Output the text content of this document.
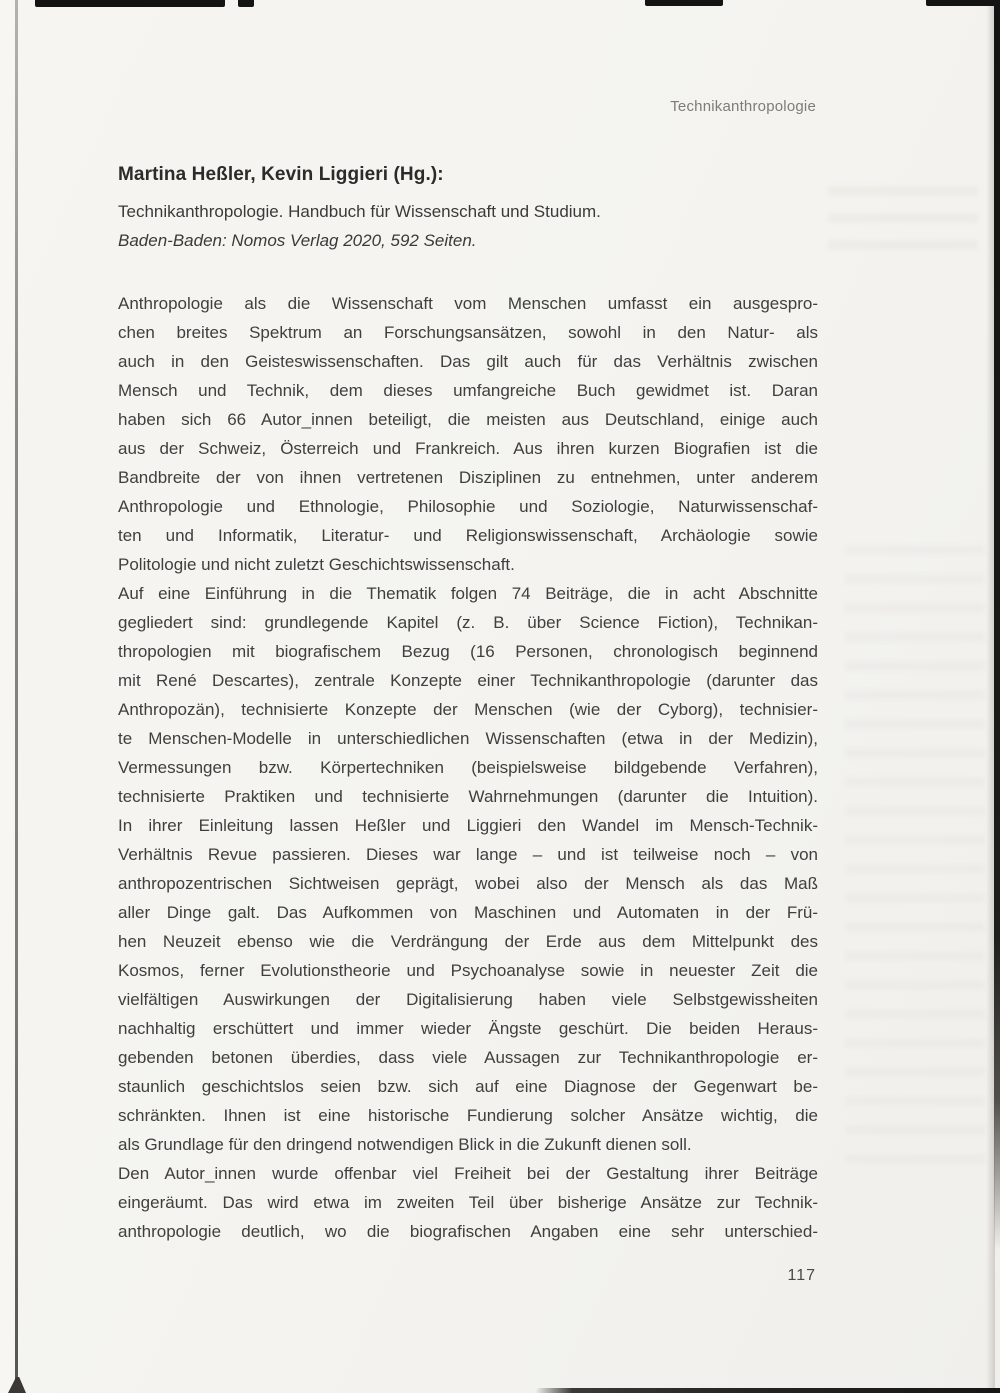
Technikanthropologie
Martina Heßler, Kevin Liggieri (Hg.):
Technikanthropologie. Handbuch für Wissenschaft und Studium.
Baden-Baden: Nomos Verlag 2020, 592 Seiten.
Anthropologie als die Wissenschaft vom Menschen umfasst ein ausgespro-
chen breites Spektrum an Forschungsansätzen, sowohl in den Natur- als
auch in den Geisteswissenschaften. Das gilt auch für das Verhältnis zwischen
Mensch und Technik, dem dieses umfangreiche Buch gewidmet ist. Daran
haben sich 66 Autor_innen beteiligt, die meisten aus Deutschland, einige auch
aus der Schweiz, Österreich und Frankreich. Aus ihren kurzen Biografien ist die
Bandbreite der von ihnen vertretenen Disziplinen zu entnehmen, unter anderem
Anthropologie und Ethnologie, Philosophie und Soziologie, Naturwissenschaf-
ten und Informatik, Literatur- und Religionswissenschaft, Archäologie sowie
Politologie und nicht zuletzt Geschichtswissenschaft.
Auf eine Einführung in die Thematik folgen 74 Beiträge, die in acht Abschnitte
gegliedert sind: grundlegende Kapitel (z. B. über Science Fiction), Technikan-
thropologien mit biografischem Bezug (16 Personen, chronologisch beginnend
mit René Descartes), zentrale Konzepte einer Technikanthropologie (darunter das
Anthropozän), technisierte Konzepte der Menschen (wie der Cyborg), technisier-
te Menschen-Modelle in unterschiedlichen Wissenschaften (etwa in der Medizin),
Vermessungen bzw. Körpertechniken (beispielsweise bildgebende Verfahren),
technisierte Praktiken und technisierte Wahrnehmungen (darunter die Intuition).
In ihrer Einleitung lassen Heßler und Liggieri den Wandel im Mensch-Technik-
Verhältnis Revue passieren. Dieses war lange – und ist teilweise noch – von
anthropozentrischen Sichtweisen geprägt, wobei also der Mensch als das Maß
aller Dinge galt. Das Aufkommen von Maschinen und Automaten in der Frü-
hen Neuzeit ebenso wie die Verdrängung der Erde aus dem Mittelpunkt des
Kosmos, ferner Evolutionstheorie und Psychoanalyse sowie in neuester Zeit die
vielfältigen Auswirkungen der Digitalisierung haben viele Selbstgewissheiten
nachhaltig erschüttert und immer wieder Ängste geschürt. Die beiden Heraus-
gebenden betonen überdies, dass viele Aussagen zur Technikanthropologie er-
staunlich geschichtslos seien bzw. sich auf eine Diagnose der Gegenwart be-
schränkten. Ihnen ist eine historische Fundierung solcher Ansätze wichtig, die
als Grundlage für den dringend notwendigen Blick in die Zukunft dienen soll.
Den Autor_innen wurde offenbar viel Freiheit bei der Gestaltung ihrer Beiträge
eingeräumt. Das wird etwa im zweiten Teil über bisherige Ansätze zur Technik-
anthropologie deutlich, wo die biografischen Angaben eine sehr unterschied-
117
